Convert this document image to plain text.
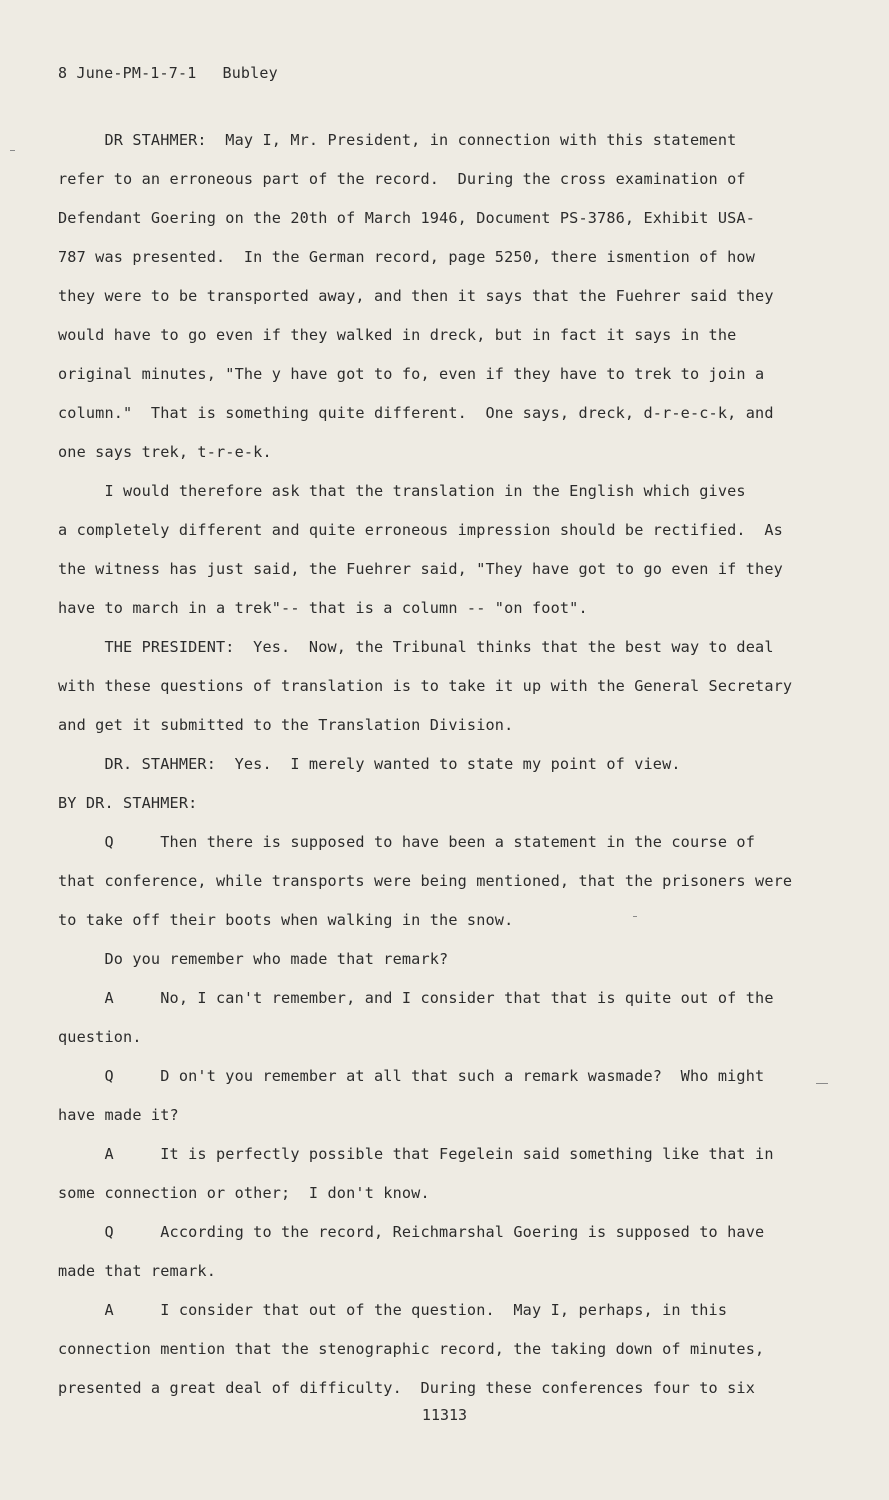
8 June-PM-1-7-1 Bubley
DR STAHMER:  May I, Mr. President, in connection with this statement
refer to an erroneous part of the record.  During the cross examination of
Defendant Goering on the 20th of March 1946, Document PS-3786, Exhibit USA-
787 was presented.  In the German record, page 5250, there ismention of how
they were to be transported away, and then it says that the Fuehrer said they
would have to go even if they walked in dreck, but in fact it says in the
original minutes, "The y have got to fo, even if they have to trek to join a
column."  That is something quite different.  One says, dreck, d-r-e-c-k, and
one says trek, t-r-e-k.
I would therefore ask that the translation in the English which gives
a completely different and quite erroneous impression should be rectified.  As
the witness has just said, the Fuehrer said, "They have got to go even if they
have to march in a trek"-- that is a column -- "on foot".
THE PRESIDENT:  Yes.  Now, the Tribunal thinks that the best way to deal
with these questions of translation is to take it up with the General Secretary
and get it submitted to the Translation Division.
DR. STAHMER:  Yes.  I merely wanted to state my point of view.
BY DR. STAHMER:
Q     Then there is supposed to have been a statement in the course of
that conference, while transports were being mentioned, that the prisoners were
to take off their boots when walking in the snow.
Do you remember who made that remark?
A     No, I can't remember, and I consider that that is quite out of the
question.
Q     D on't you remember at all that such a remark wasmade?  Who might
have made it?
A     It is perfectly possible that Fegelein said something like that in
some connection or other;  I don't know.
Q     According to the record, Reichmarshal Goering is supposed to have
made that remark.
A     I consider that out of the question.  May I, perhaps, in this
connection mention that the stenographic record, the taking down of minutes,
presented a great deal of difficulty.  During these conferences four to six
11313
